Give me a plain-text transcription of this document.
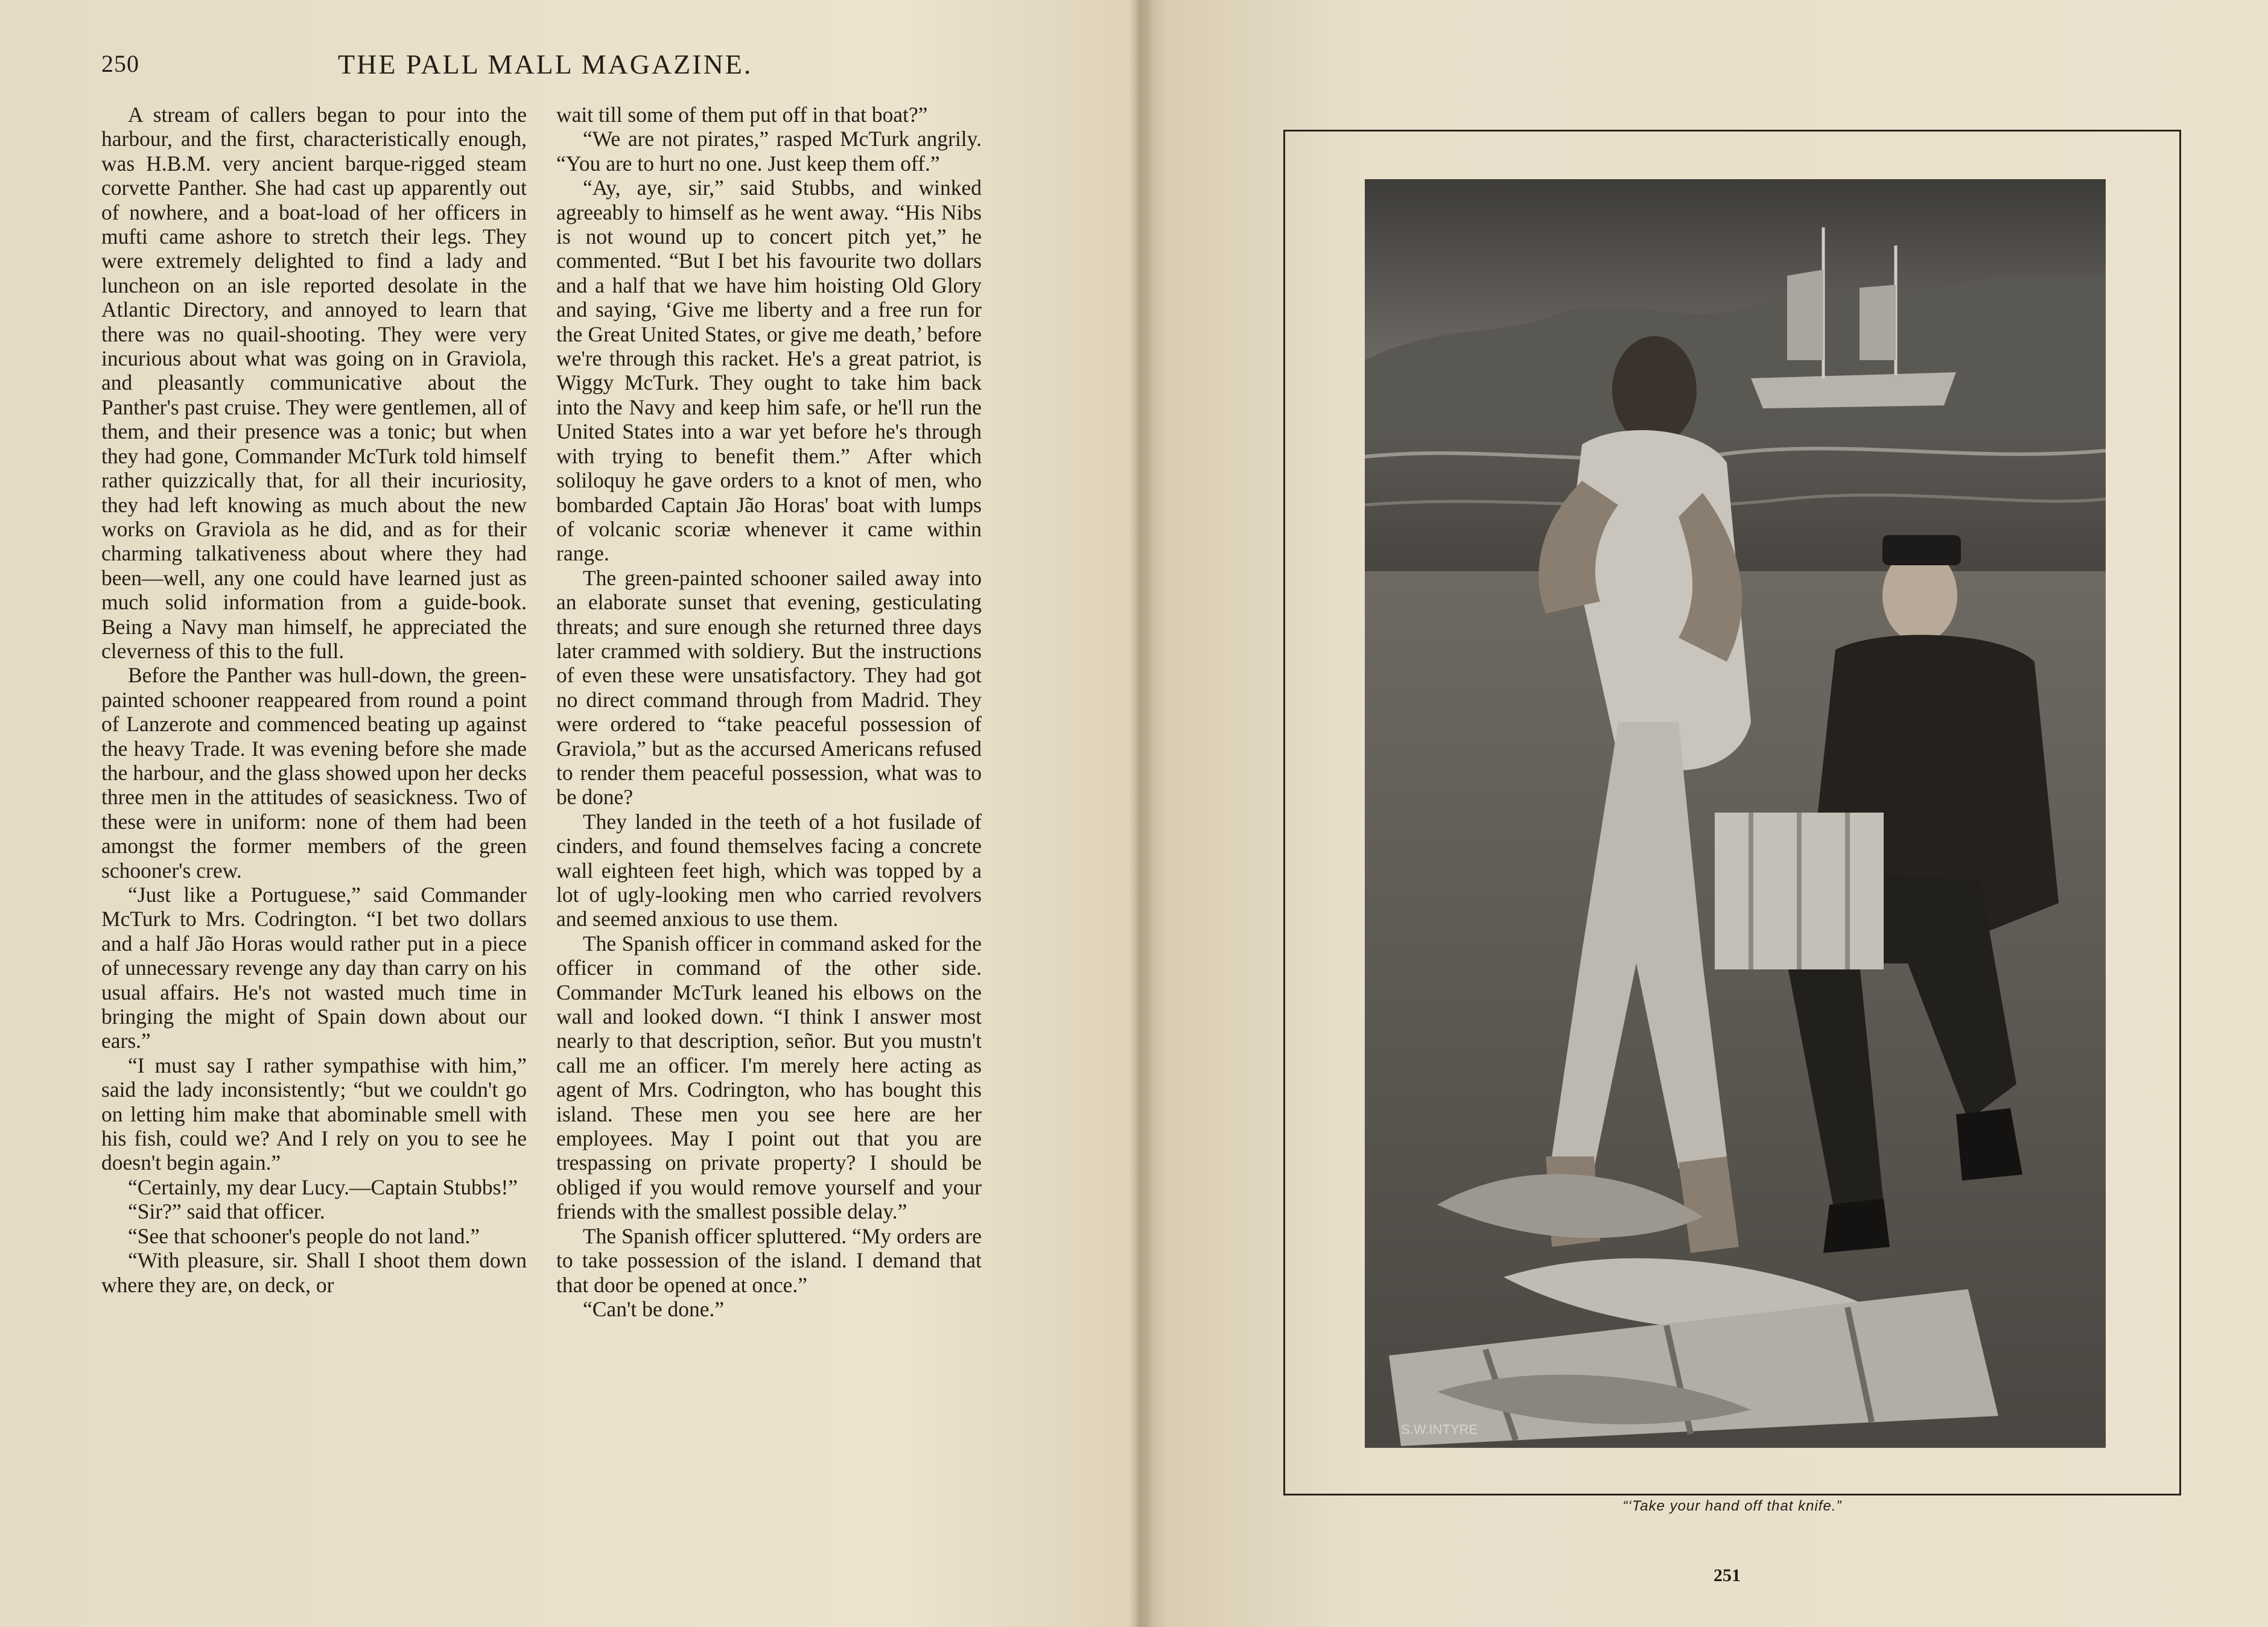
250	THE PALL MALL MAGAZINE.

A stream of callers began to pour into the harbour, and the first, characteristically enough, was H.B.M. very ancient barque-rigged steam corvette Panther. She had cast up apparently out of nowhere, and a boat-load of her officers in mufti came ashore to stretch their legs. They were extremely delighted to find a lady and luncheon on an isle reported desolate in the Atlantic Directory, and annoyed to learn that there was no quail-shooting. They were very incurious about what was going on in Graviola, and pleasantly communicative about the Panther's past cruise. They were gentlemen, all of them, and their presence was a tonic; but when they had gone, Commander McTurk told himself rather quizzically that, for all their incuriosity, they had left knowing as much about the new works on Graviola as he did, and as for their charming talkativeness about where they had been—well, any one could have learned just as much solid information from a guide-book. Being a Navy man himself, he appreciated the cleverness of this to the full.

Before the Panther was hull-down, the green-painted schooner reappeared from round a point of Lanzerote and commenced beating up against the heavy Trade. It was evening before she made the harbour, and the glass showed upon her decks three men in the attitudes of seasickness. Two of these were in uniform: none of them had been amongst the former members of the green schooner's crew.

“Just like a Portuguese,” said Commander McTurk to Mrs. Codrington. “I bet two dollars and a half Jão Horas would rather put in a piece of unnecessary revenge any day than carry on his usual affairs. He's not wasted much time in bringing the might of Spain down about our ears.”

“I must say I rather sympathise with him,” said the lady inconsistently; “but we couldn't go on letting him make that abominable smell with his fish, could we? And I rely on you to see he doesn't begin again.”

“Certainly, my dear Lucy.—Captain Stubbs!”

“Sir?” said that officer.

“See that schooner's people do not land.”

“With pleasure, sir. Shall I shoot them down where they are, on deck, or

wait till some of them put off in that boat?”

“We are not pirates,” rasped McTurk angrily. “You are to hurt no one. Just keep them off.”

“Ay, aye, sir,” said Stubbs, and winked agreeably to himself as he went away. “His Nibs is not wound up to concert pitch yet,” he commented. “But I bet his favourite two dollars and a half that we have him hoisting Old Glory and saying, ‘Give me liberty and a free run for the Great United States, or give me death,’ before we're through this racket. He's a great patriot, is Wiggy McTurk. They ought to take him back into the Navy and keep him safe, or he'll run the United States into a war yet before he's through with trying to benefit them.” After which soliloquy he gave orders to a knot of men, who bombarded Captain Jão Horas' boat with lumps of volcanic scoriæ whenever it came within range.

The green-painted schooner sailed away into an elaborate sunset that evening, gesticulating threats; and sure enough she returned three days later crammed with soldiery. But the instructions of even these were unsatisfactory. They had got no direct command through from Madrid. They were ordered to “take peaceful possession of Graviola,” but as the accursed Americans refused to render them peaceful possession, what was to be done?

They landed in the teeth of a hot fusilade of cinders, and found themselves facing a concrete wall eighteen feet high, which was topped by a lot of ugly-looking men who carried revolvers and seemed anxious to use them.

The Spanish officer in command asked for the officer in command of the other side. Commander McTurk leaned his elbows on the wall and looked down. “I think I answer most nearly to that description, señor. But you mustn't call me an officer. I'm merely here acting as agent of Mrs. Codrington, who has bought this island. These men you see here are her employees. May I point out that you are trespassing on private property? I should be obliged if you would remove yourself and your friends with the smallest possible delay.”

The Spanish officer spluttered. “My orders are to take possession of the island. I demand that that door be opened at once.”

“Can't be done.”

S.W.INTYRE
“‘Take your hand off that knife.”
251
